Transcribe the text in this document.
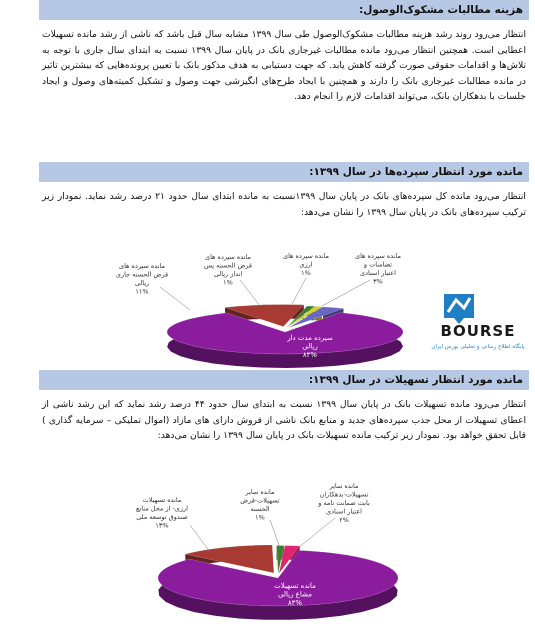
هزینه مطالبات مشکوک‌الوصول:
انتظار می‌رود روند رشد هزینه مطالبات مشکوک‌الوصول طی سال ۱۳۹۹ مشابه سال قبل باشد که ناشی از رشد مانده تسهیلات اعطایی است. همچنین انتظار می‌رود مانده مطالبات غیرجاری بانک در پایان سال ۱۳۹۹ نسبت به ابتدای سال جاری با توجه به تلاش‌ها و اقدامات حقوقی صورت گرفته کاهش یابد. که جهت دستیابی به هدف مذکور بانک با تعیین پرونده‌هایی که بیشترین تاثیر در مانده مطالبات غیرجاری بانک را دارند و همچنین با ایجاد طرح‌های انگیزشی جهت وصول و تشکیل کمیته‌های وصول و ایجاد جلسات با بدهکاران بانک، می‌تواند اقدامات لازم را انجام دهد.
مانده مورد انتظار سپرده‌ها در سال ۱۳۹۹:
انتظار می‌رود مانده کل سپرده‌های بانک در پایان سال ۱۳۹۹نسبت به مانده ابتدای سال حدود ۲۱ درصد رشد نماید. نمودار زیر ترکیب سپرده‌های بانک در پایان سال ۱۳۹۹ را نشان می‌دهد:
سپرده مدت دار
ریالی
۸۴%
مانده سپرده های
قرض الحسنه جاری
ریالی
۱۱%
مانده سپرده های
قرض الحسنه پس
انداز ریالی
۱%
مانده سپرده های
ارزی
۱%
مانده سپرده های
تضامنات و
اعتبار اسنادی
۳%
BOURSE
پایگاه اطلاع رسانی و تحلیلی بورس ایران
مانده مورد انتظار تسهیلات در سال ۱۳۹۹:
انتظار می‌رود مانده تسهیلات بانک در پایان سال ۱۳۹۹ نسبت به ابتدای سال حدود ۴۴ درصد رشد نماید که این رشد ناشی از اعطای تسهیلات از محل جذب سپرده‌های جدید و منابع بانک ناشی از فروش دارای های مازاد (اموال تملیکی – سرمایه گذاری ) قابل تحقق خواهد بود. نمودار زیر ترکیب مانده تسهیلات بانک در پایان سال ۱۳۹۹ را نشان می‌دهد:
مانده تسهیلات
مشاع ریالی
۸۴%
مانده تسهیلات
ارزی- از محل منابع
صندوق توسعه ملی
۱۳%
مانده سایر
تسهیلات-قرض
الحسنه
۱%
مانده سایر
تسهیلات-بدهکاران
بابت ضمانت نامه و
اعتبار اسنادی
۲%
